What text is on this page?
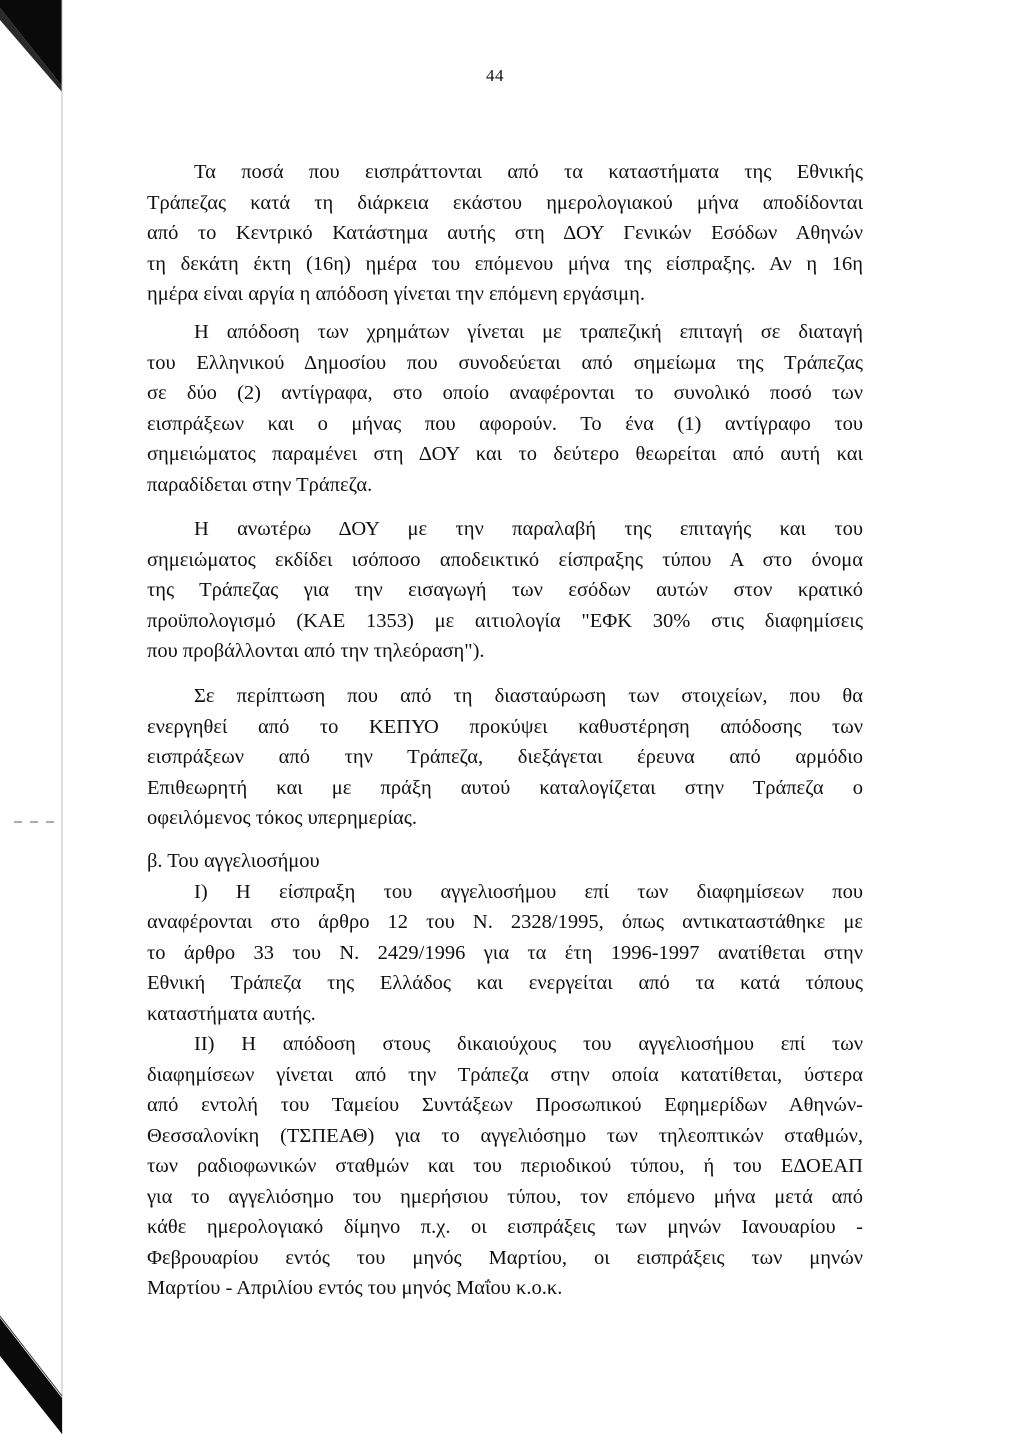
44
Τα ποσά που εισπράττονται από τα καταστήματα της Εθνικής
Τράπεζας κατά τη διάρκεια εκάστου ημερολογιακού μήνα αποδίδονται
από το Κεντρικό Κατάστημα αυτής στη ΔΟΥ Γενικών Εσόδων Αθηνών
τη δεκάτη έκτη (16η) ημέρα του επόμενου μήνα της είσπραξης. Αν η 16η
ημέρα είναι αργία η απόδοση γίνεται την επόμενη εργάσιμη.
Η απόδοση των χρημάτων γίνεται με τραπεζική επιταγή σε διαταγή
του Ελληνικού Δημοσίου που συνοδεύεται από σημείωμα της Τράπεζας
σε δύο (2) αντίγραφα, στο οποίο αναφέρονται το συνολικό ποσό των
εισπράξεων και ο μήνας που αφορούν. Το ένα (1) αντίγραφο του
σημειώματος παραμένει στη ΔΟΥ και το δεύτερο θεωρείται από αυτή και
παραδίδεται στην Τράπεζα.
Η ανωτέρω ΔΟΥ με την παραλαβή της επιταγής και του
σημειώματος εκδίδει ισόποσο αποδεικτικό είσπραξης τύπου Α στο όνομα
της Τράπεζας για την εισαγωγή των εσόδων αυτών στον κρατικό
προϋπολογισμό (ΚΑΕ 1353) με αιτιολογία "ΕΦΚ 30% στις διαφημίσεις
που προβάλλονται από την τηλεόραση").
Σε περίπτωση που από τη διασταύρωση των στοιχείων, που θα
ενεργηθεί από το ΚΕΠΥΟ προκύψει καθυστέρηση απόδοσης των
εισπράξεων από την Τράπεζα, διεξάγεται έρευνα από αρμόδιο
Επιθεωρητή και με πράξη αυτού καταλογίζεται στην Τράπεζα ο
οφειλόμενος τόκος υπερημερίας.
β. Του αγγελιοσήμου
Ι) Η είσπραξη του αγγελιοσήμου επί των διαφημίσεων που
αναφέρονται στο άρθρο 12 του Ν. 2328/1995, όπως αντικαταστάθηκε με
το άρθρο 33 του Ν. 2429/1996 για τα έτη 1996-1997 ανατίθεται στην
Εθνική Τράπεζα της Ελλάδος και ενεργείται από τα κατά τόπους
καταστήματα αυτής.
ΙΙ) Η απόδοση στους δικαιούχους του αγγελιοσήμου επί των
διαφημίσεων γίνεται από την Τράπεζα στην οποία κατατίθεται, ύστερα
από εντολή του Ταμείου Συντάξεων Προσωπικού Εφημερίδων Αθηνών-
Θεσσαλονίκη (ΤΣΠΕΑΘ) για το αγγελιόσημο των τηλεοπτικών σταθμών,
των ραδιοφωνικών σταθμών και του περιοδικού τύπου, ή του ΕΔΟΕΑΠ
για το αγγελιόσημο του ημερήσιου τύπου, τον επόμενο μήνα μετά από
κάθε ημερολογιακό δίμηνο π.χ. οι εισπράξεις των μηνών Ιανουαρίου -
Φεβρουαρίου εντός του μηνός Μαρτίου, οι εισπράξεις των μηνών
Μαρτίου - Απριλίου εντός του μηνός Μαΐου κ.ο.κ.
